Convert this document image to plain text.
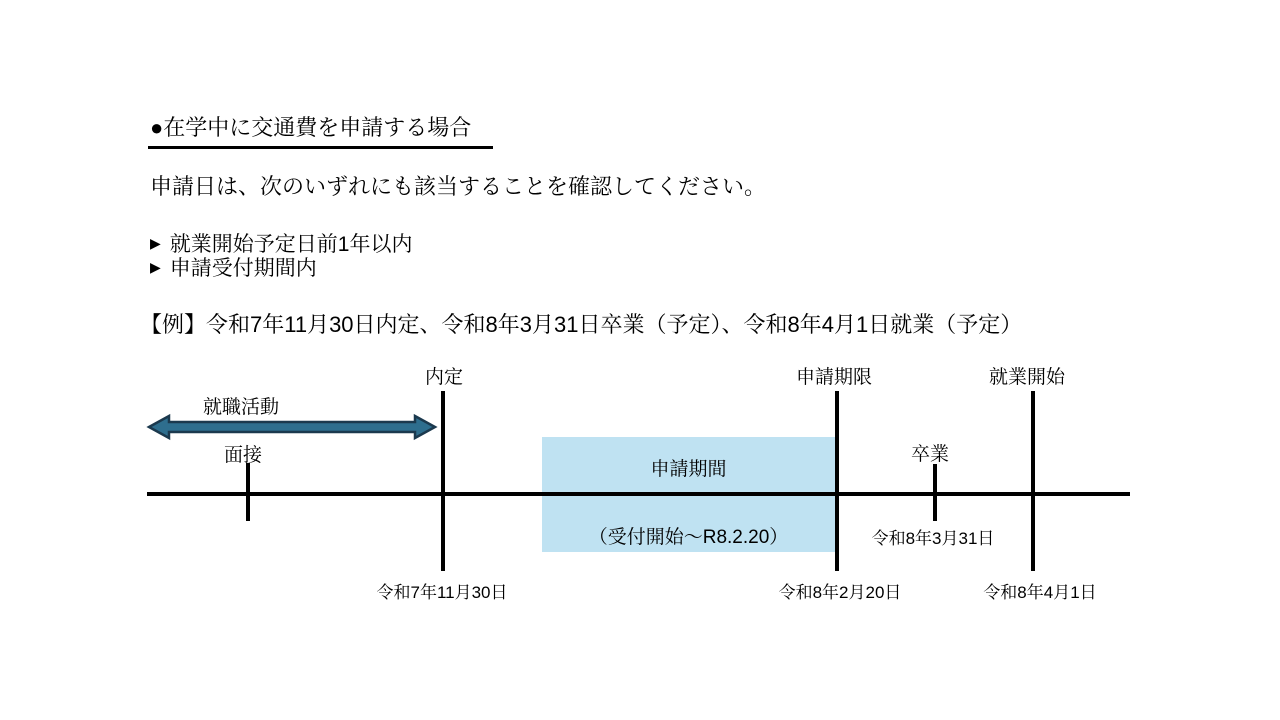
●在学中に交通費を申請する場合
申請日は、次のいずれにも該当することを確認してください。
▶ 就業開始予定日前1年以内
▶ 申請受付期間内
【例】令和7年11月30日内定、令和8年3月31日卒業（予定）、令和8年4月1日就業（予定）
申請期間
（受付開始～R8.2.20）
就職活動
面接
内定	申請期限	就業開始
卒業
令和7年11月30日	令和8年2月20日	令和8年4月1日
令和8年3月31日
